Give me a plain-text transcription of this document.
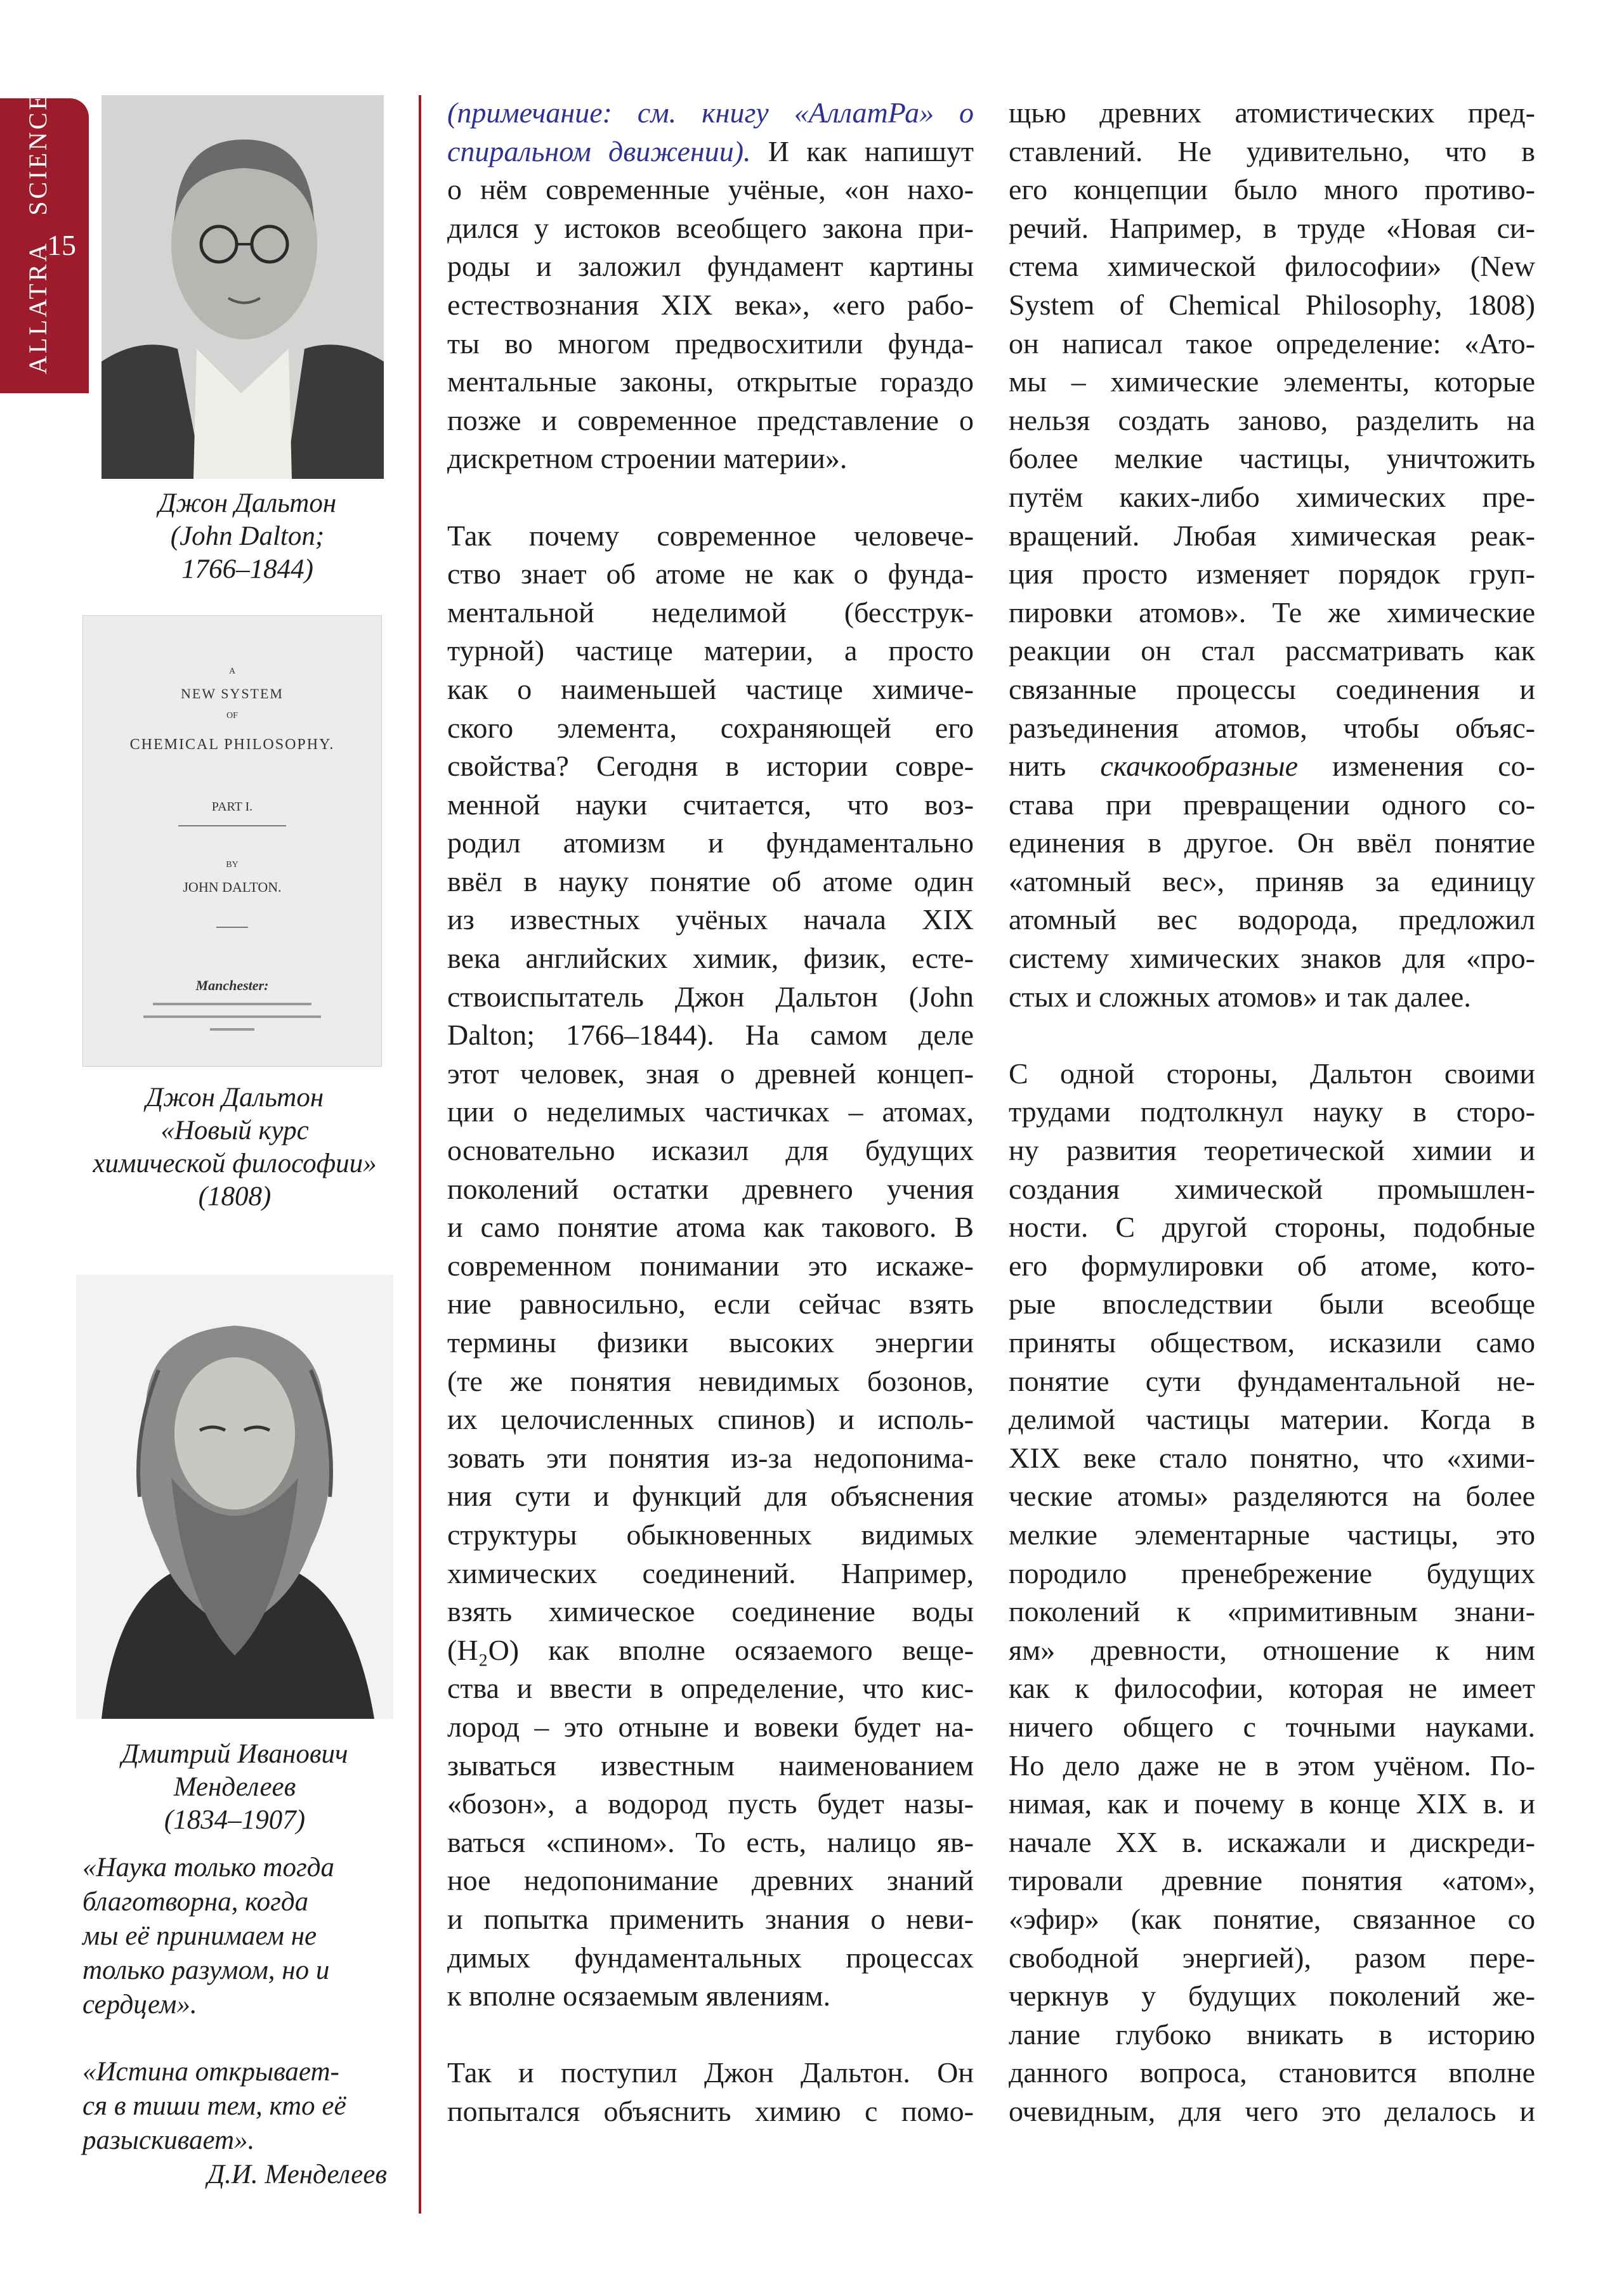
ALLATRASCIENCE
15
Джон Дальтон
(John Dalton;
1766–1844)
A
NEW SYSTEM
OF
CHEMICAL PHILOSOPHY.
PART I.
BY
JOHN DALTON.
Manchester:
Джон Дальтон
«Новый курс
химической философии»
(1808)
Дмитрий Иванович
Менделеев
(1834–1907)
«Наука только тогда
благотворна, когда
мы её принимаем не
только разумом, но и
сердцем».
«Истина открывает-
ся в тиши тем, кто её
разыскивает».
Д.И. Менделеев
(примечание: см. книгу «АллатРа» о
спиральном движении). И как напишут
о нём современные учёные, «он нахо-
дился у истоков всеобщего закона при-
роды и заложил фундамент картины
естествознания XIX века», «его рабо-
ты во многом предвосхитили фунда-
ментальные законы, открытые гораздо
позже и современное представление о
дискретном строении материи».
Так почему современное человече-
ство знает об атоме не как о фунда-
ментальной неделимой (бесструк-
турной) частице материи, а просто
как о наименьшей частице химиче-
ского элемента, сохраняющей его
свойства? Сегодня в истории совре-
менной науки считается, что воз-
родил атомизм и фундаментально
ввёл в науку понятие об атоме один
из известных учёных начала XIX
века английских химик, физик, есте-
ствоиспытатель Джон Дальтон (John
Dalton; 1766–1844). На самом деле
этот человек, зная о древней концеп-
ции о неделимых частичках – атомах,
основательно исказил для будущих
поколений остатки древнего учения
и само понятие атома как такового. В
современном понимании это искаже-
ние равносильно, если сейчас взять
термины физики высоких энергии
(те же понятия невидимых бозонов,
их целочисленных спинов) и исполь-
зовать эти понятия из-за недопонима-
ния сути и функций для объяснения
структуры обыкновенных видимых
химических соединений. Например,
взять химическое соединение воды
(H₂O) как вполне осязаемого веще-
ства и ввести в определение, что кис-
лород – это отныне и вовеки будет на-
зываться известным наименованием
«бозон», а водород пусть будет назы-
ваться «спином». То есть, налицо яв-
ное недопонимание древних знаний
и попытка применить знания о неви-
димых фундаментальных процессах
к вполне осязаемым явлениям.
Так и поступил Джон Дальтон. Он
попытался объяснить химию с помо-
щью древних атомистических пред-
ставлений. Не удивительно, что в
его концепции было много противо-
речий. Например, в труде «Новая си-
стема химической философии» (New
System of Chemical Philosophy, 1808)
он написал такое определение: «Ато-
мы – химические элементы, которые
нельзя создать заново, разделить на
более мелкие частицы, уничтожить
путём каких-либо химических пре-
вращений. Любая химическая реак-
ция просто изменяет порядок груп-
пировки атомов». Те же химические
реакции он стал рассматривать как
связанные процессы соединения и
разъединения атомов, чтобы объяс-
нить скачкообразные изменения со-
става при превращении одного со-
единения в другое. Он ввёл понятие
«атомный вес», приняв за единицу
атомный вес водорода, предложил
систему химических знаков для «про-
стых и сложных атомов» и так далее.
С одной стороны, Дальтон своими
трудами подтолкнул науку в сторо-
ну развития теоретической химии и
создания химической промышлен-
ности. С другой стороны, подобные
его формулировки об атоме, кото-
рые впоследствии были всеобще
приняты обществом, исказили само
понятие сути фундаментальной не-
делимой частицы материи. Когда в
XIX веке стало понятно, что «хими-
ческие атомы» разделяются на более
мелкие элементарные частицы, это
породило пренебрежение будущих
поколений к «примитивным знани-
ям» древности, отношение к ним
как к философии, которая не имеет
ничего общего с точными науками.
Но дело даже не в этом учёном. По-
нимая, как и почему в конце XIX в. и
начале XX в. искажали и дискреди-
тировали древние понятия «атом»,
«эфир» (как понятие, связанное со
свободной энергией), разом пере-
черкнув у будущих поколений же-
лание глубоко вникать в историю
данного вопроса, становится вполне
очевидным, для чего это делалось и
